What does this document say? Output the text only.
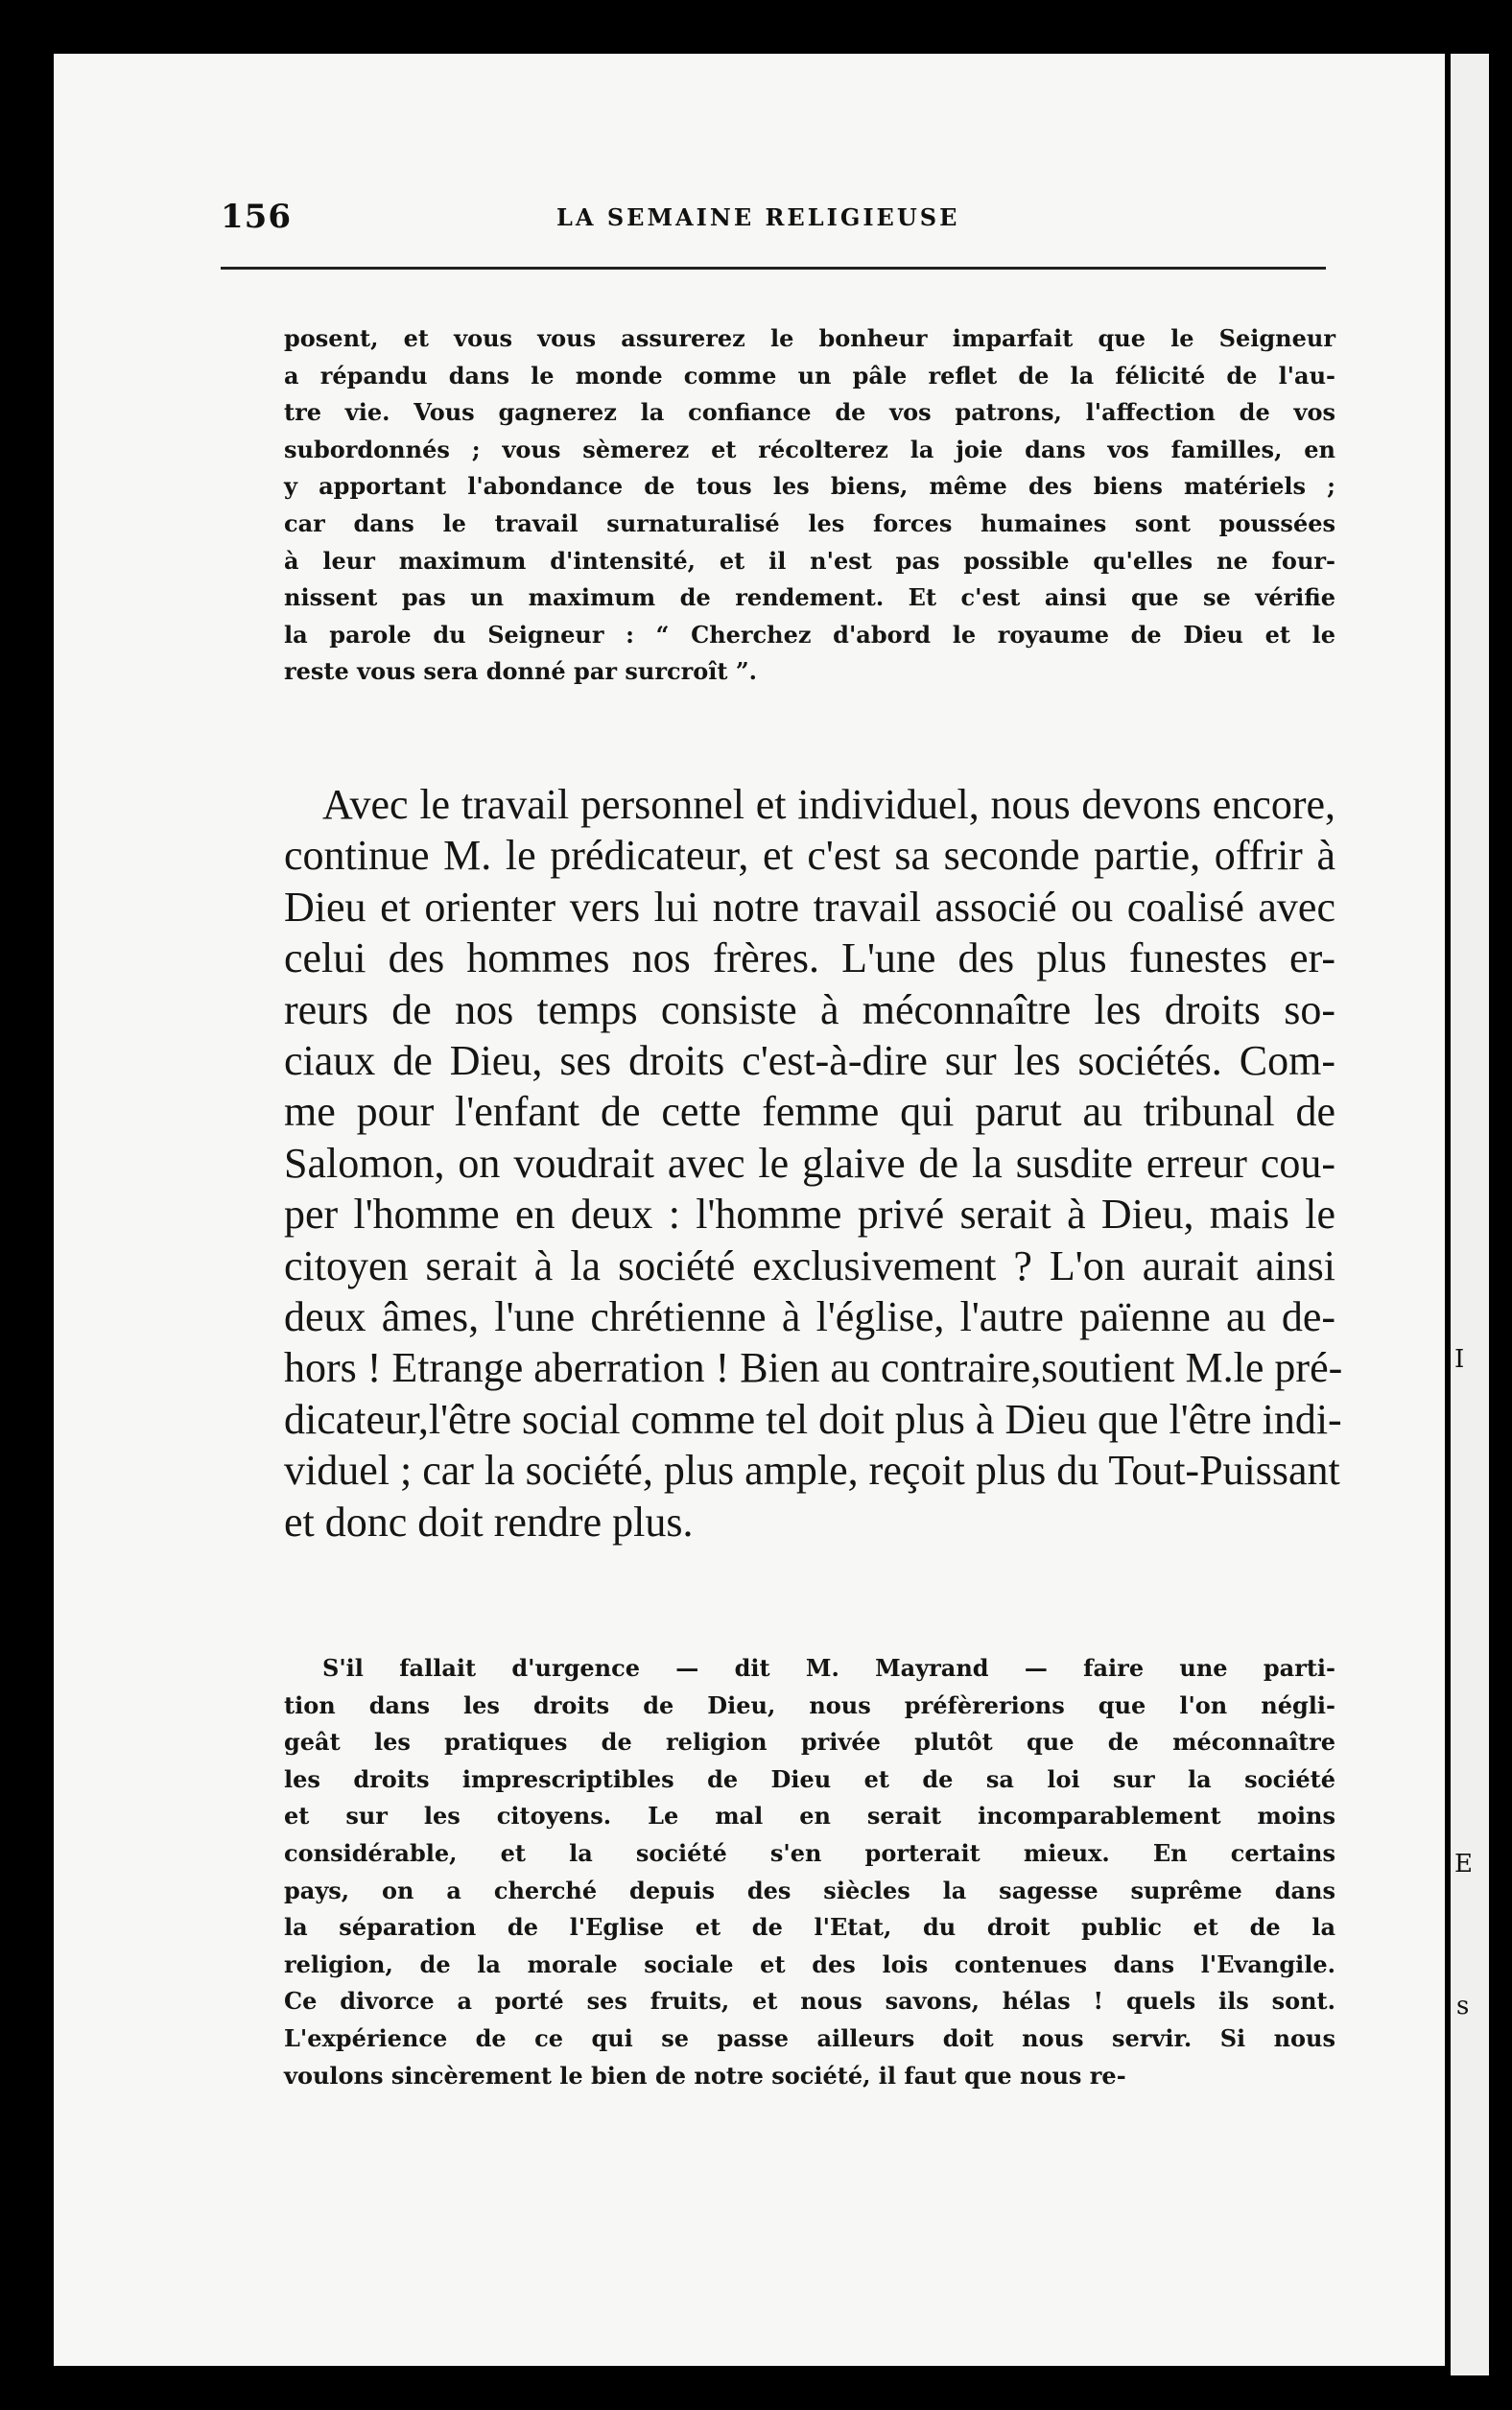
I
E
s
156	LA SEMAINE RELIGIEUSE
posent, et vous vous assurerez le bonheur imparfait que le Seigneur
a répandu dans le monde comme un pâle reflet de la félicité de l'au-
tre vie. Vous gagnerez la confiance de vos patrons, l'affection de vos
subordonnés ; vous sèmerez et récolterez la joie dans vos familles, en
y apportant l'abondance de tous les biens, même des biens matériels ;
car dans le travail surnaturalisé les forces humaines sont poussées
à leur maximum d'intensité, et il n'est pas possible qu'elles ne four-
nissent pas un maximum de rendement. Et c'est ainsi que se vérifie
la parole du Seigneur : “ Cherchez d'abord le royaume de Dieu et le
reste vous sera donné par surcroît ”.
Avec le travail personnel et individuel, nous devons encore,
continue M. le prédicateur, et c'est sa seconde partie, offrir à
Dieu et orienter vers lui notre travail associé ou coalisé avec
celui des hommes nos frères. L'une des plus funestes er-
reurs de nos temps consiste à méconnaître les droits so-
ciaux de Dieu, ses droits c'est-à-dire sur les sociétés. Com-
me pour l'enfant de cette femme qui parut au tribunal de
Salomon, on voudrait avec le glaive de la susdite erreur cou-
per l'homme en deux : l'homme privé serait à Dieu, mais le
citoyen serait à la société exclusivement ? L'on aurait ainsi
deux âmes, l'une chrétienne à l'église, l'autre païenne au de-
hors ! Etrange aberration ! Bien au contraire,soutient M.le pré-
dicateur,l'être social comme tel doit plus à Dieu que l'être indi-
viduel ; car la société, plus ample, reçoit plus du Tout-Puissant
et donc doit rendre plus.
S'il fallait d'urgence — dit M. Mayrand — faire une parti-
tion dans les droits de Dieu, nous préfèrerions que l'on négli-
geât les pratiques de religion privée plutôt que de méconnaître
les droits imprescriptibles de Dieu et de sa loi sur la société
et sur les citoyens. Le mal en serait incomparablement moins
considérable, et la société s'en porterait mieux. En certains
pays, on a cherché depuis des siècles la sagesse suprême dans
la séparation de l'Eglise et de l'Etat, du droit public et de la
religion, de la morale sociale et des lois contenues dans l'Evangile.
Ce divorce a porté ses fruits, et nous savons, hélas ! quels ils sont.
L'expérience de ce qui se passe ailleurs doit nous servir. Si nous
voulons sincèrement le bien de notre société, il faut que nous re-
